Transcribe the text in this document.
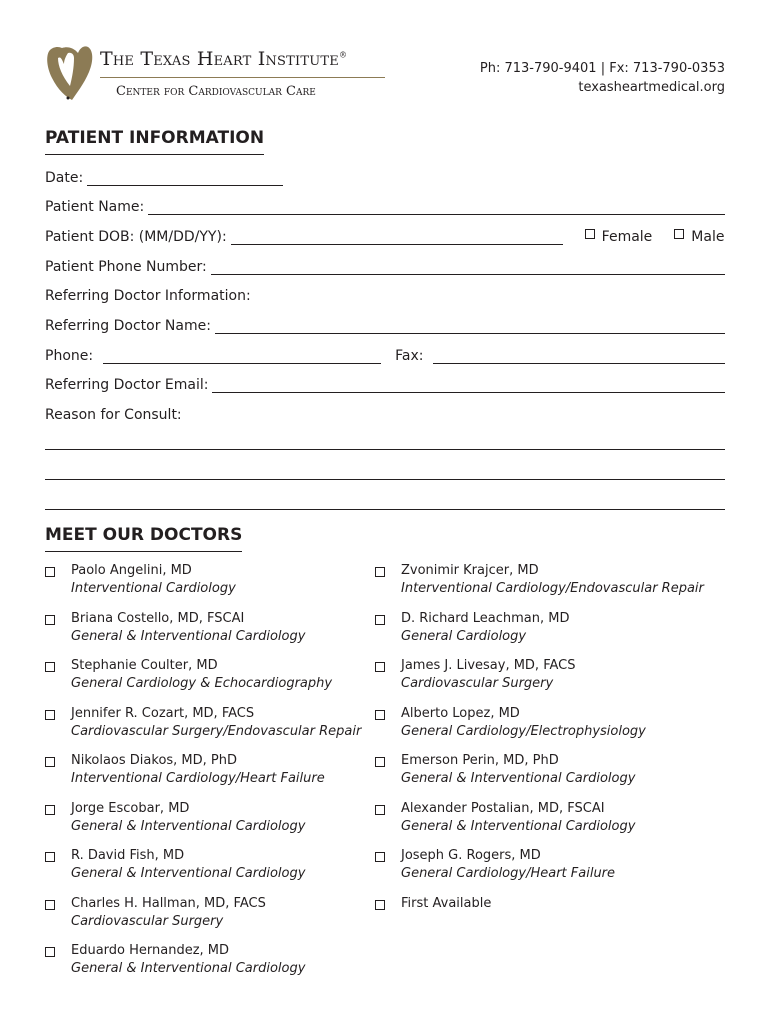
The Texas Heart Institute®
Center for Cardiovascular Care
Ph: 713-790-9401 | Fx: 713-790-0353
texasheartmedical.org
PATIENT INFORMATION
Date:
Patient Name:
Patient DOB: (MM/DD/YY):	Female	Male
Patient Phone Number:
Referring Doctor Information:
Referring Doctor Name:
Phone:	Fax:
Referring Doctor Email:
Reason for Consult:
MEET OUR DOCTORS
Paolo Angelini, MD
Interventional Cardiology
Briana Costello, MD, FSCAI
General & Interventional Cardiology
Stephanie Coulter, MD
General Cardiology & Echocardiography
Jennifer R. Cozart, MD, FACS
Cardiovascular Surgery/Endovascular Repair
Nikolaos Diakos, MD, PhD
Interventional Cardiology/Heart Failure
Jorge Escobar, MD
General & Interventional Cardiology
R. David Fish, MD
General & Interventional Cardiology
Charles H. Hallman, MD, FACS
Cardiovascular Surgery
Eduardo Hernandez, MD
General & Interventional Cardiology
Zvonimir Krajcer, MD
Interventional Cardiology/Endovascular Repair
D. Richard Leachman, MD
General Cardiology
James J. Livesay, MD, FACS
Cardiovascular Surgery
Alberto Lopez, MD
General Cardiology/Electrophysiology
Emerson Perin, MD, PhD
General & Interventional Cardiology
Alexander Postalian, MD, FSCAI
General & Interventional Cardiology
Joseph G. Rogers, MD
General Cardiology/Heart Failure
First Available
